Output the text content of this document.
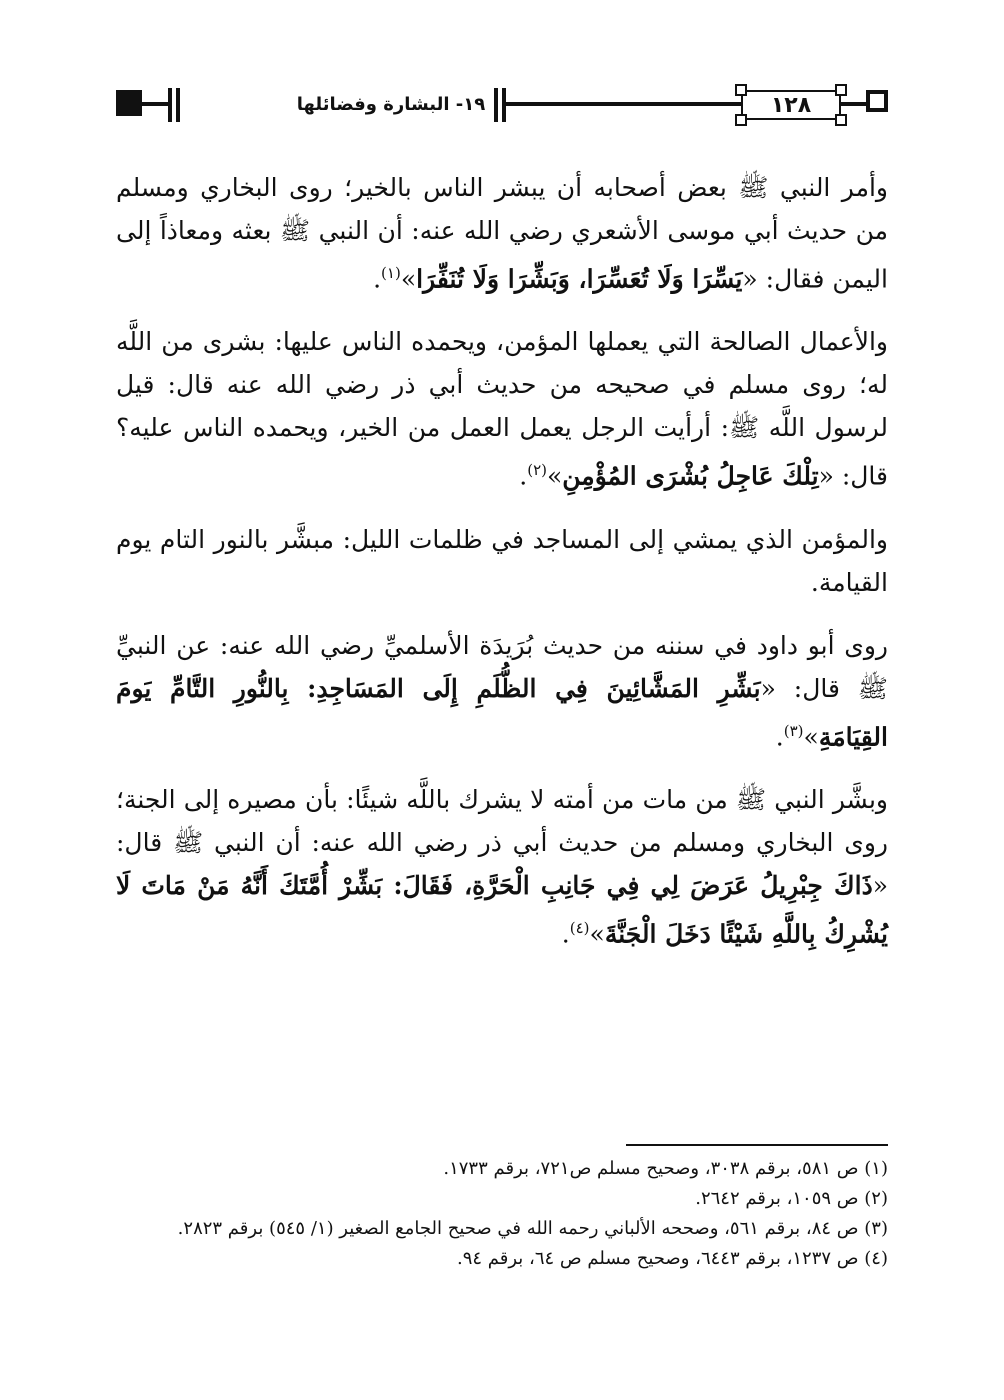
١٩- البشارة وفضائلها	١٢٨

وأمر النبي ﷺ بعض أصحابه أن يبشر الناس بالخير؛ روى البخاري ومسلم من حديث أبي موسى الأشعري رضي الله عنه: أن النبي ﷺ بعثه ومعاذاً إلى اليمن فقال: «يَسِّرَا وَلَا تُعَسِّرَا، وَبَشِّرَا وَلَا تُنَفِّرَا»$^{(١)}$.

والأعمال الصالحة التي يعملها المؤمن، ويحمده الناس عليها: بشرى من اللَّه له؛ روى مسلم في صحيحه من حديث أبي ذر رضي الله عنه قال: قيل لرسول اللَّه ﷺ: أرأيت الرجل يعمل العمل من الخير، ويحمده الناس عليه؟ قال: «تِلْكَ عَاجِلُ بُشْرَى المُؤْمِنِ»$^{(٢)}$.

والمؤمن الذي يمشي إلى المساجد في ظلمات الليل: مبشَّر بالنور التام يوم القيامة.

روى أبو داود في سننه من حديث بُرَيدَة الأسلميِّ رضي الله عنه: عن النبيِّ ﷺ قال: «بَشِّرِ المَشَّائِينَ فِي الظُّلَمِ إِلَى المَسَاجِدِ: بِالنُّورِ التَّامِّ يَومَ القِيَامَةِ»$^{(٣)}$.

وبشَّر النبي ﷺ من مات من أمته لا يشرك باللَّه شيئًا: بأن مصيره إلى الجنة؛ روى البخاري ومسلم من حديث أبي ذر رضي الله عنه: أن النبي ﷺ قال: «ذَاكَ جِبْرِيلُ عَرَضَ لِي فِي جَانِبِ الْحَرَّةِ، فَقَالَ: بَشِّرْ أُمَّتَكَ أَنَّهُ مَنْ مَاتَ لَا يُشْرِكُ بِاللَّهِ شَيْئًا دَخَلَ الْجَنَّةَ»$^{(٤)}$.

(١) ص ٥٨١، برقم ٣٠٣٨، وصحيح مسلم ص٧٢١، برقم ١٧٣٣.
(٢) ص ١٠٥٩، برقم ٢٦٤٢.
(٣) ص ٨٤، برقم ٥٦١، وصححه الألباني رحمه الله في صحيح الجامع الصغير (١/ ٥٤٥) برقم ٢٨٢٣.
(٤) ص ١٢٣٧، برقم ٦٤٤٣، وصحيح مسلم ص ٦٤، برقم ٩٤.
